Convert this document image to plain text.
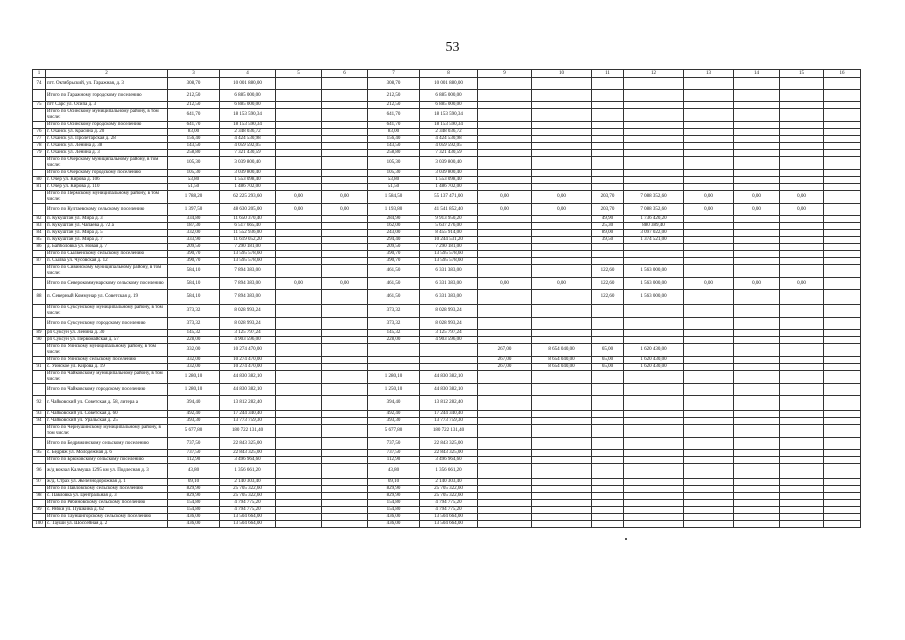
53
1	2	3	4	5	6	7	8	9	10	11	12	13	14	15	16
74	пгт. Октябрьский, ул. Гаражная, д. 3	308,70	10 001 880,00			308,70	10 001 880,00								

	Итого по Гаражному городскому поселению	212,50	6 885 000,00			212,50	6 885 000,00								
75	пгт Сарс ул. Осипа д. 3	212,50	6 885 000,00			212,50	6 885 000,00								

	Итого по Осинскому муниципальному району, в том числе:	641,70	18 153 590,34			641,70	18 153 590,34								

	Итого по Осинскому городскому поселению	641,70	18 153 590,34			641,70	18 153 590,34								
76	г. Оханск ул. Красина д. 20	83,00	2 348 036,72			83,00	2 348 036,72								
77	г. Оханск ул. Пролетарская д. 28	156,40	4 424 530,98			156,40	4 424 530,98								
78	г. Оханск ул. Ленина д. 38	143,50	4 059 592,05			143,50	4 059 592,05								
79	г. Оханск ул. Ленина д. 3	258,80	7 321 430,59			258,80	7 321 430,59								

	Итого по Очерскому муниципальному району, в том числе:	105,30	3 039 800,40			105,30	3 039 800,40								

	Итого по Очерскому городскому поселению	105,30	3 039 800,40			105,30	3 039 800,40								
80	г. Очер ул. Кирова д. 106	53,80	1 553 098,40			53,80	1 553 098,40								
81	г. Очер ул. Кирова д. 110	51,50	1 486 702,00			51,50	1 486 702,00								

	Итого по Пермскому муниципальному району, в том числе:	1 788,20	62 225 293,60	0,00	0,00	1 584,50	55 137 471,00	0,00	0,00	203,70	7 088 352,60	0,00	0,00	0,00	

	Итого по Култаевскому сельскому поселению	1 397,50	48 630 205,00	0,00	0,00	1 193,80	41 541 852,40	0,00	0,00	203,70	7 088 352,60	0,00	0,00	0,00	
82	п. Кукуштан ул. Мира д. 3	334,80	11 650 370,40			284,90	9 913 950,20			49,90	1 736 420,20				
83	п. Кукуштан ул. Чапаева д. 72 а	187,30	6 517 665,40			162,00	5 637 276,00			25,30	880 389,40				
84	п. Кукуштан ул. Мира д. 5	332,00	11 552 936,00			243,00	8 455 914,00			89,00	3 097 022,00				
85	п. Кукуштан ул. Мира д. 7	333,90	11 619 052,20			294,40	10 244 531,20			39,50	1 374 521,00				
86	д. Байболовка ул. Новая д. 7	209,50	7 290 181,00			209,50	7 290 181,00								

	Итого по Сылвенскому сельскому поселению	390,70	13 595 578,60			390,70	13 595 578,60								
87	п. Сылва ул. Чусовская д. 12	390,70	13 595 578,60			390,70	13 595 578,60								

	Итого по Сивинскому муниципальному району, в том числе:	584,10	7 894 383,00			461,50	6 331 383,00			122,60	1 563 000,00				

	Итого по Северокоммунарскому сельскому поселению	584,10	7 894 383,00	0,00	0,00	461,50	6 331 383,00	0,00	0,00	122,60	1 563 000,00	0,00	0,00	0,00	
88	п. Северный Коммунар ул. Советская д. 19	584,10	7 894 383,00			461,50	6 331 383,00			122,60	1 563 000,00				

	Итого по Суксунскому муниципальному району, в том числе:	373,32	8 028 993,24			373,32	8 028 993,24								

	Итого по Суксунскому городскому поселению	373,32	8 028 993,24			373,32	8 028 993,24								
89	рп Суксун ул. Ленина д. 30	145,32	3 125 797,24			145,32	3 125 797,24								
90	рп Суксун ул. Первомайская д. 57	228,00	4 903 596,00			228,00	4 903 596,00								

	Итого по Уинскому муниципальному району, в том числе:	332,00	10 274 470,00					267,00	8 654 040,00	65,00	1 620 430,00				

	Итого по Уинскому сельскому поселению	332,00	10 274 470,00					267,00	8 654 040,00	65,00	1 620 430,00				
91	с. Уинское ул. Кирова д. 19	332,00	10 274 470,00					267,00	8 654 040,00	65,00	1 620 430,00				

	Итого по Чайковскому муниципальному району, в том числе:	1 280,10	44 830 382,10			1 280,10	44 830 382,10								

	Итого по Чайковскому городскому поселению	1 280,10	44 830 382,10			1 250,10	44 830 382,10								
92	г. Чайковский ул. Советская д. 58, литера а	394,40	13 812 282,40			394,40	13 812 282,40								
93	г. Чайковский ул. Советская д. 60	492,40	17 244 340,40			492,40	17 244 340,40								
94	г. Чайковский ул. Уральская д. 25	393,30	13 773 759,30			393,30	13 773 759,30								

	Итого по Чернушинскому муниципальному району, в том числе:	5 677,80	180 722 131,40			5 677,80	180 722 131,40								

	Итого по Бедряжинскому сельскому поселению	737,50	22 843 325,00			737,50	22 843 325,00								
95	с. Бедряж ул. Молодежная д. 6	737,50	22 843 325,00			737,50	22 843 325,00								

	Итого по Брюховскому сельскому поселению	112,90	3 496 964,60			112,90	3 496 964,60								
96	ж/д вокзал Калмуша 1295 км ул. Подлесная д. 3	43,80	1 356 661,20			43,80	1 356 661,20								
97	ж/д. Страх ул. Железнодорожная д. 1	69,10	2 140 303,40			69,10	2 140 303,40								

	Итого по Павловскому сельскому поселению	829,90	25 705 322,60			829,90	25 705 322,60								
98	с. Павловка ул. Центральная д. 3	829,90	25 705 322,60			829,90	25 705 322,60								

	Итого по Рябиновскому сельскому поселению	154,80	4 794 775,20			154,80	4 794 775,20								
99	с. Рябки ул. Пушкина д. 62	154,80	4 794 775,20			154,80	4 794 775,20								

	Итого по Тауншнгорскому сельскому поселению	436,00	13 504 664,00			436,00	13 504 664,00								
100	с. Тауши ул. Шоссейная д. 2	436,00	13 504 664,00			436,00	13 504 664,00								
